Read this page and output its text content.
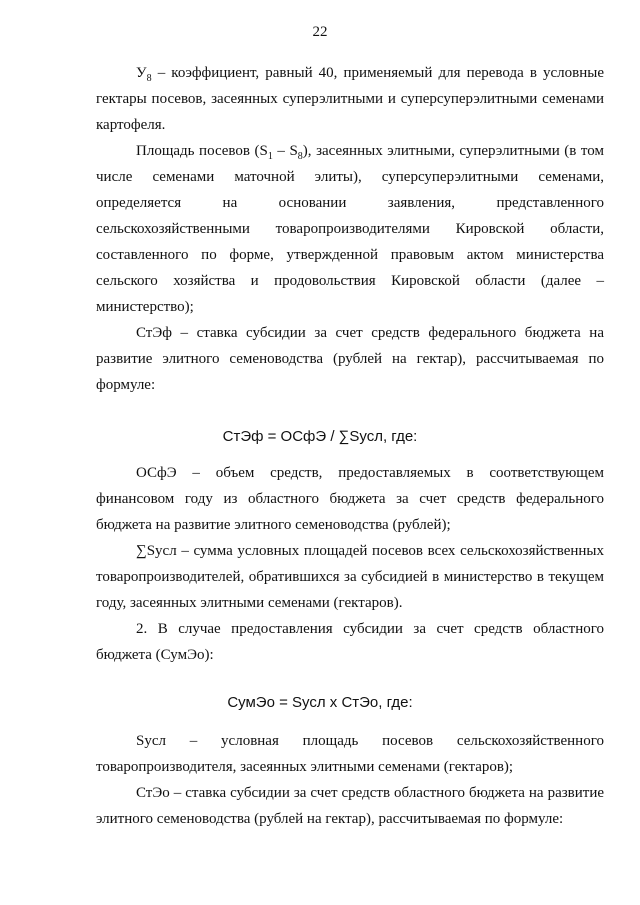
22

$У_8$ – коэффициент, равный 40, применяемый для перевода в условные гектары посевов, засеянных суперэлитными и суперсуперэлитными семенами картофеля.

Площадь посевов $(S_1 - S_8)$, засеянных элитными, суперэлитными (в том числе семенами маточной элиты), суперсуперэлитными семенами, определяется на основании заявления, представленного сельскохозяйственными товаропроизводителями Кировской области, составленного по форме, утвержденной правовым актом министерства сельского хозяйства и продовольствия Кировской области (далее – министерство);

СтЭф – ставка субсидии за счет средств федерального бюджета на развитие элитного семеноводства (рублей на гектар), рассчитываемая по формуле:

СтЭф = ОСфЭ / ∑Sусл, где:

ОСфЭ – объем средств, предоставляемых в соответствующем финансовом году из областного бюджета за счет средств федерального бюджета на развитие элитного семеноводства (рублей);

∑Sусл – сумма условных площадей посевов всех сельскохозяйственных товаропроизводителей, обратившихся за субсидией в министерство в текущем году, засеянных элитными семенами (гектаров).

2. В случае предоставления субсидии за счет средств областного бюджета (СумЭо):

СумЭо = Sусл х СтЭо, где:

Sусл – условная площадь посевов сельскохозяйственного товаропроизводителя, засеянных элитными семенами (гектаров);

СтЭо – ставка субсидии за счет средств областного бюджета на развитие элитного семеноводства (рублей на гектар), рассчитываемая по формуле:
